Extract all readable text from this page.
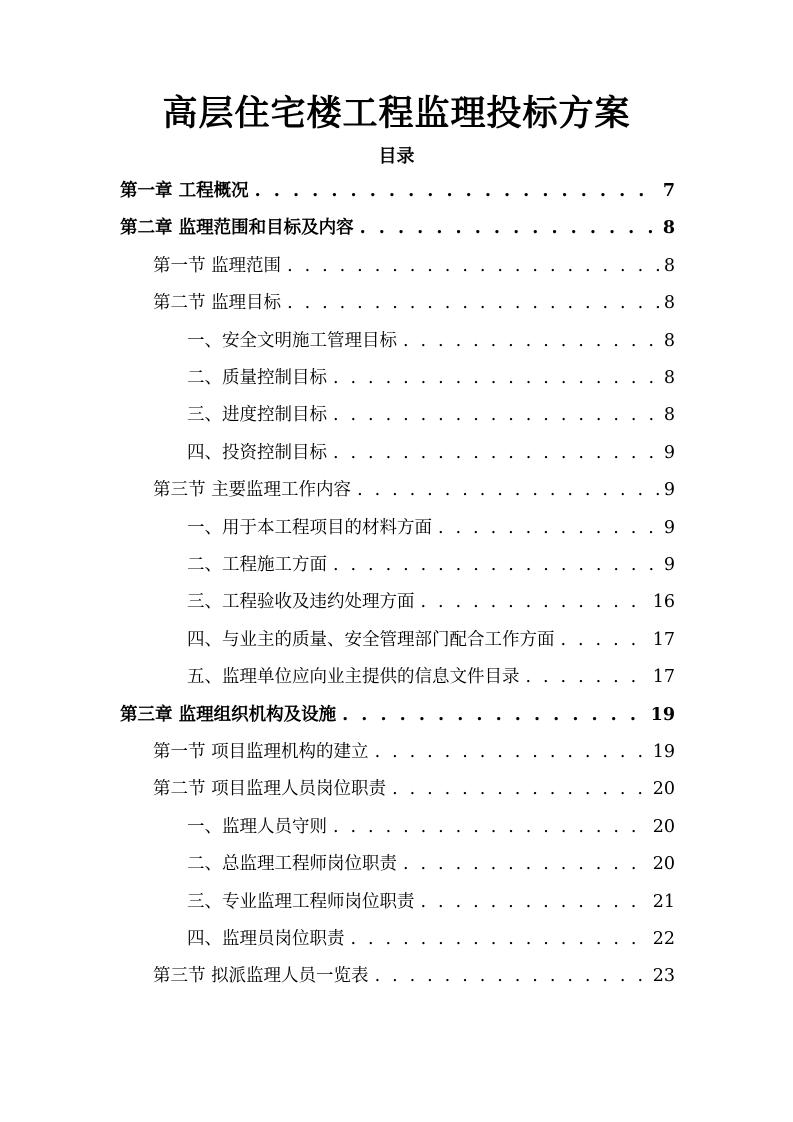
高层住宅楼工程监理投标方案
目录
第一章 工程概况 . . .	7
第二章 监理范围和目标及内容 . . .	8
第一节 监理范围 . . .	8
第二节 监理目标 . . .	8
一、安全文明施工管理目标 . . .	8
二、质量控制目标 . . .	8
三、进度控制目标 . . .	8
四、投资控制目标 . . .	9
第三节 主要监理工作内容 . . .	9
一、用于本工程项目的材料方面 . . .	9
二、工程施工方面 . . .	9
三、工程验收及违约处理方面 . . .	16
四、与业主的质量、安全管理部门配合工作方面 . . .	17
五、监理单位应向业主提供的信息文件目录 . . .	17
第三章 监理组织机构及设施 . . .	19
第一节 项目监理机构的建立 . . .	19
第二节 项目监理人员岗位职责 . . .	20
一、监理人员守则 . . .	20
二、总监理工程师岗位职责 . . .	20
三、专业监理工程师岗位职责 . . .	21
四、监理员岗位职责 . . .	22
第三节 拟派监理人员一览表 . . .	23
